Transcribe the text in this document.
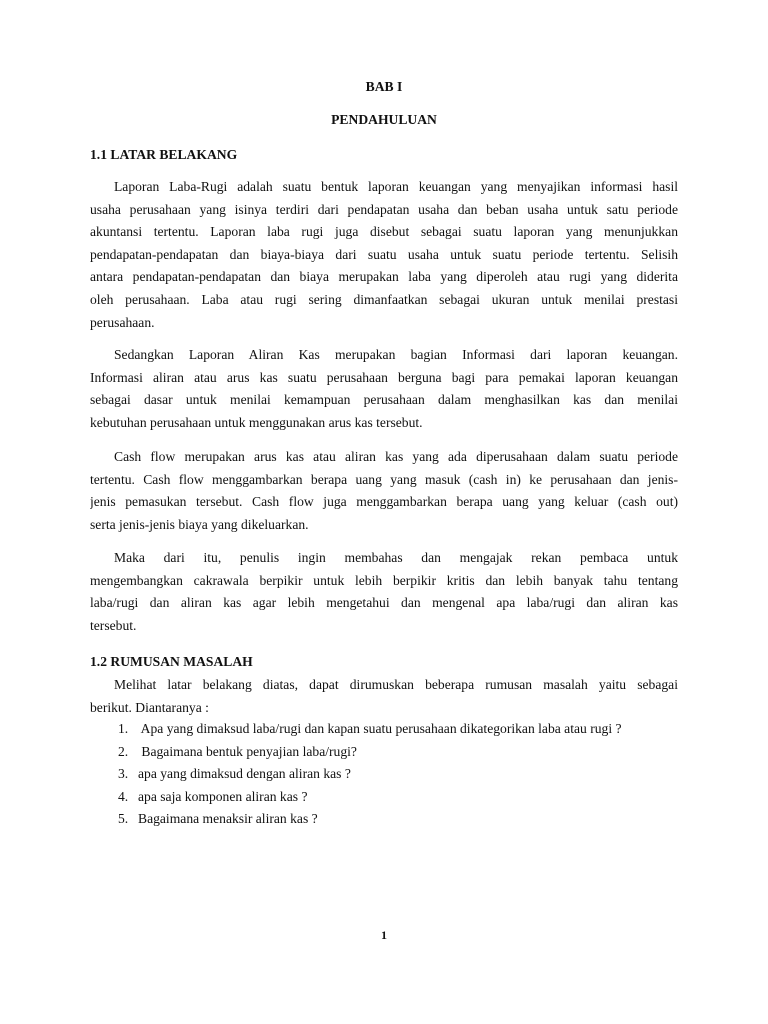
BAB I
PENDAHULUAN
1.1 LATAR BELAKANG
Laporan Laba-Rugi adalah suatu bentuk laporan keuangan yang menyajikan informasi hasil
usaha perusahaan yang isinya terdiri dari pendapatan usaha dan beban usaha untuk satu periode
akuntansi tertentu. Laporan laba rugi juga disebut sebagai suatu laporan yang menunjukkan
pendapatan-pendapatan dan biaya-biaya dari suatu usaha untuk suatu periode tertentu. Selisih
antara pendapatan-pendapatan dan biaya merupakan laba yang diperoleh atau rugi yang diderita
oleh perusahaan. Laba atau rugi sering dimanfaatkan sebagai ukuran untuk menilai prestasi
perusahaan.
Sedangkan Laporan Aliran Kas merupakan bagian Informasi dari laporan keuangan.
Informasi aliran atau arus kas suatu perusahaan berguna bagi para pemakai laporan keuangan
sebagai dasar untuk menilai kemampuan perusahaan dalam menghasilkan kas dan menilai
kebutuhan perusahaan untuk menggunakan arus kas tersebut.
Cash flow merupakan arus kas atau aliran kas yang ada diperusahaan dalam suatu periode
tertentu. Cash flow menggambarkan berapa uang yang masuk (cash in) ke perusahaan dan jenis-
jenis pemasukan tersebut. Cash flow juga menggambarkan berapa uang yang keluar (cash out)
serta jenis-jenis biaya yang dikeluarkan.
Maka dari itu, penulis ingin membahas dan mengajak rekan pembaca untuk
mengembangkan cakrawala berpikir untuk lebih berpikir kritis dan lebih banyak tahu tentang
laba/rugi dan aliran kas agar lebih mengetahui dan mengenal apa laba/rugi dan aliran kas
tersebut.
1.2 RUMUSAN MASALAH
Melihat latar belakang diatas, dapat dirumuskan beberapa rumusan masalah yaitu sebagai
berikut. Diantaranya :
1. Apa yang dimaksud laba/rugi dan kapan suatu perusahaan dikategorikan laba atau rugi ?
2. Bagaimana bentuk penyajian laba/rugi?
3. apa yang dimaksud dengan aliran kas ?
4. apa saja komponen aliran kas ?
5. Bagaimana menaksir aliran kas ?
1
